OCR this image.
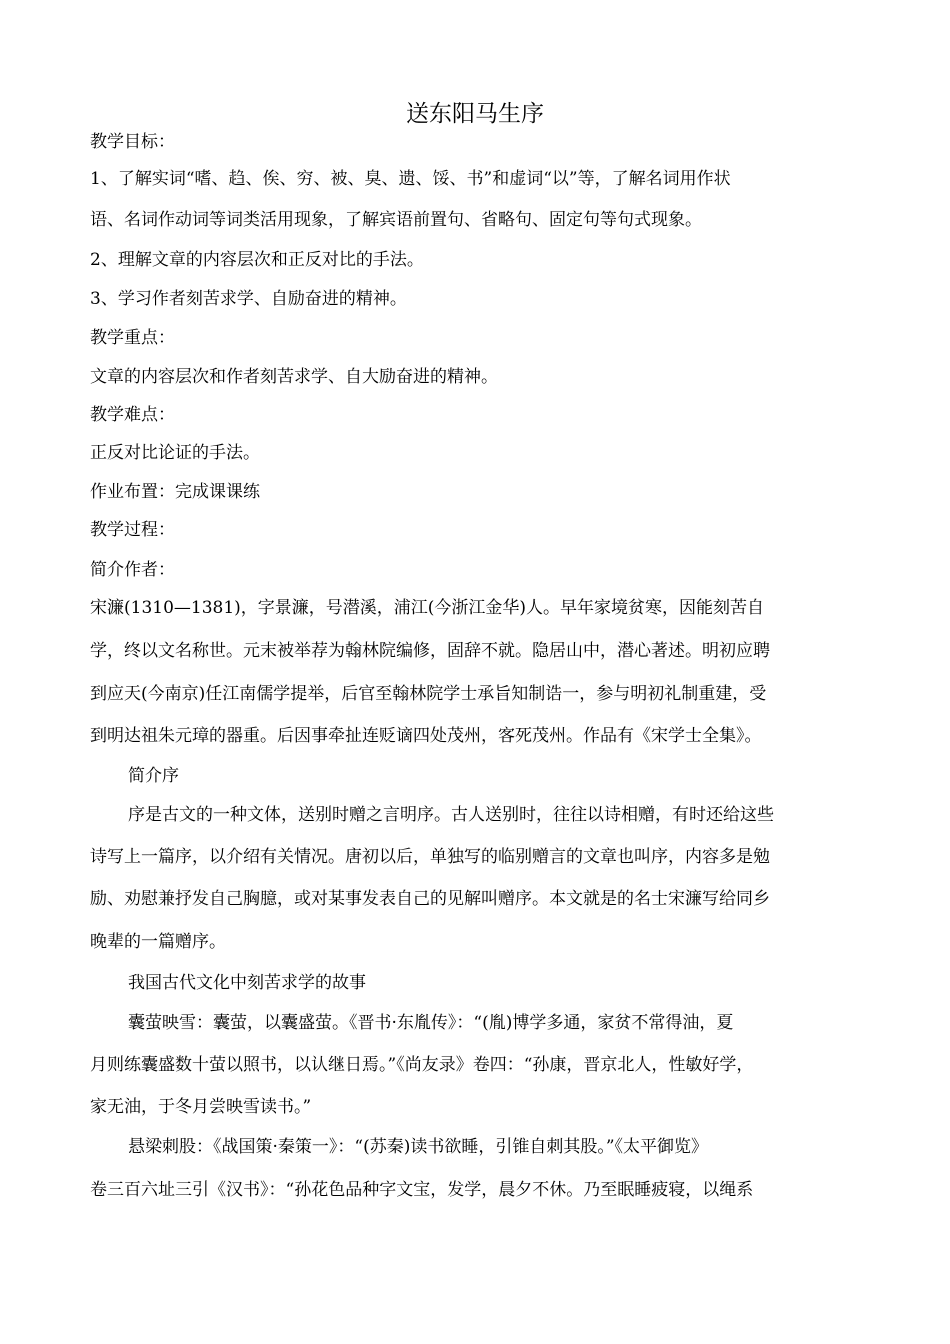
送东阳马生序
教学目标：
1、了解实词“嗜、趋、俟、穷、被、臭、遗、馁、书”和虚词“以”等，了解名词用作状
语、名词作动词等词类活用现象，了解宾语前置句、省略句、固定句等句式现象。
2、理解文章的内容层次和正反对比的手法。
3、学习作者刻苦求学、自励奋进的精神。
教学重点：
文章的内容层次和作者刻苦求学、自大励奋进的精神。
教学难点：
正反对比论证的手法。
作业布置：完成课课练
教学过程：
简介作者：
宋濂(1310—1381)，字景濂，号潜溪，浦江(今浙江金华)人。早年家境贫寒，因能刻苦自
学，终以文名称世。元末被举荐为翰林院编修，固辞不就。隐居山中，潜心著述。明初应聘
到应天(今南京)任江南儒学提举，后官至翰林院学士承旨知制诰一，参与明初礼制重建，受
到明达祖朱元璋的器重。后因事牵扯连贬谪四处茂州，客死茂州。作品有《宋学士全集》。
简介序
序是古文的一种文体，送别时赠之言明序。古人送别时，往往以诗相赠，有时还给这些
诗写上一篇序，以介绍有关情况。唐初以后，单独写的临别赠言的文章也叫序，内容多是勉
励、劝慰兼抒发自己胸臆，或对某事发表自己的见解叫赠序。本文就是的名士宋濂写给同乡
晚辈的一篇赠序。
我国古代文化中刻苦求学的故事
囊萤映雪：囊萤，以囊盛萤。《晋书·东胤传》：“(胤)博学多通，家贫不常得油，夏
月则练囊盛数十萤以照书，以认继日焉。”《尚友录》卷四：“孙康，晋京北人，性敏好学，
家无油，于冬月尝映雪读书。”
悬梁刺股：《战国策·秦策一》：“(苏秦)读书欲睡，引锥自刺其股。”《太平御览》
卷三百六址三引《汉书》：“孙花色品种字文宝，发学，晨夕不休。乃至眠睡疲寝，以绳系
